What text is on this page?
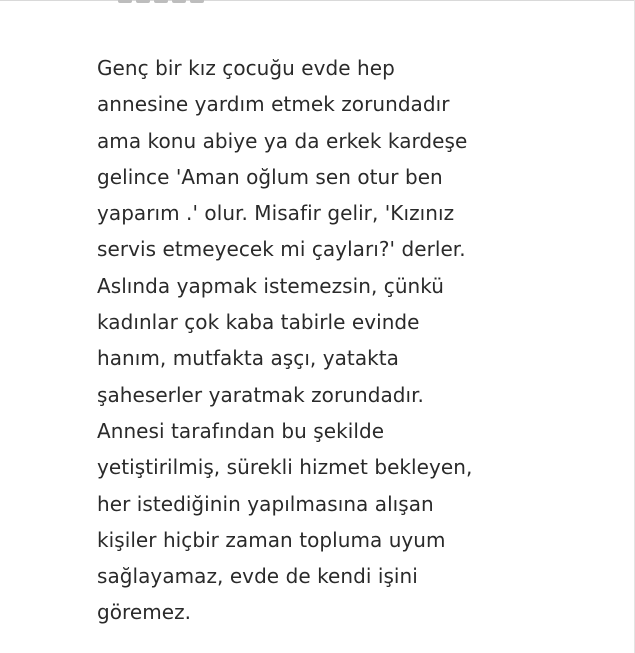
Genç bir kız çocuğu evde hep
annesine yardım etmek zorundadır
ama konu abiye ya da erkek kardeşe
gelince 'Aman oğlum sen otur ben
yaparım .' olur. Misafir gelir, 'Kızınız
servis etmeyecek mi çayları?' derler.
Aslında yapmak istemezsin, çünkü
kadınlar çok kaba tabirle evinde
hanım, mutfakta aşçı, yatakta
şaheserler yaratmak zorundadır.
Annesi tarafından bu şekilde
yetiştirilmiş, sürekli hizmet bekleyen,
her istediğinin yapılmasına alışan
kişiler hiçbir zaman topluma uyum
sağlayamaz, evde de kendi işini
göremez.
